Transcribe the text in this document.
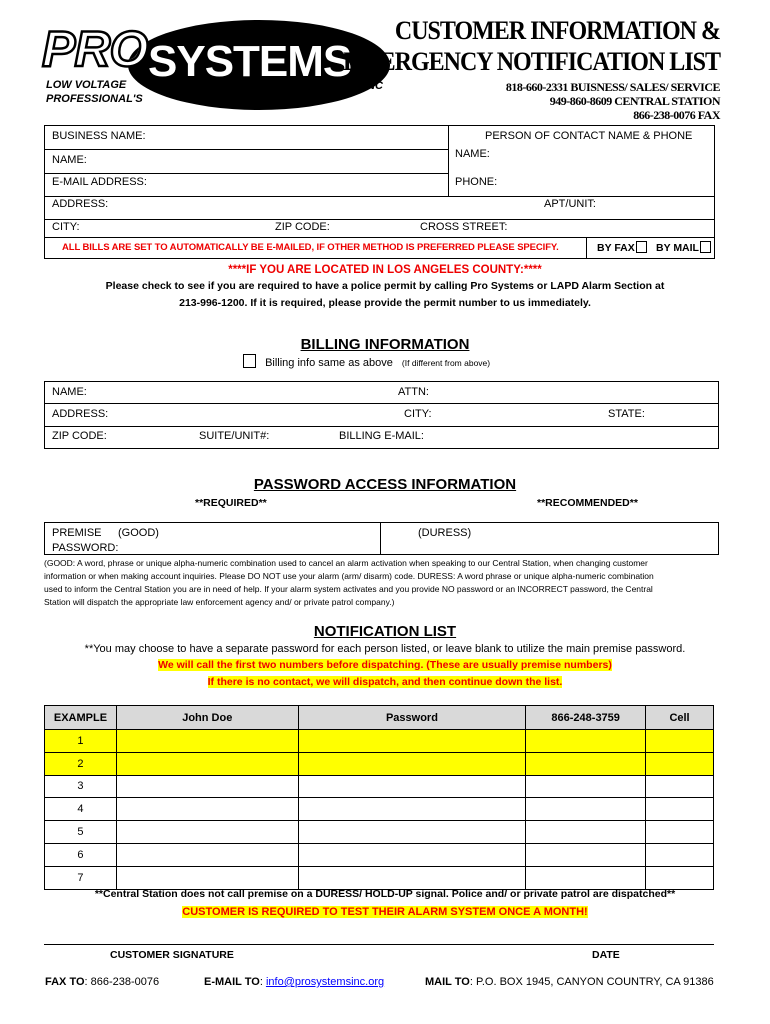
PRO SYSTEMS INC
LOW VOLTAGE
PROFESSIONAL'S
CUSTOMER INFORMATION &
EMERGENCY NOTIFICATION LIST
818-660-2331 BUISNESS/ SALES/ SERVICE
949-860-8609 CENTRAL STATION
866-238-0076 FAX
BUSINESS NAME:	PERSON OF CONTACT NAME & PHONE
NAME:	NAME:
E-MAIL ADDRESS:	PHONE:
ADDRESS:	APT/UNIT:
CITY:	ZIP CODE:	CROSS STREET:
ALL BILLS ARE SET TO AUTOMATICALLY BE E-MAILED, IF OTHER METHOD IS PREFERRED PLEASE SPECIFY.	BY FAX	BY MAIL
****IF YOU ARE LOCATED IN LOS ANGELES COUNTY:****
Please check to see if you are required to have a police permit by calling Pro Systems or LAPD Alarm Section at
213-996-1200. If it is required, please provide the permit number to us immediately.
BILLING INFORMATION
Billing info same as above (If different from above)
NAME:	ATTN:
ADDRESS:	CITY:	STATE:
ZIP CODE:	SUITE/UNIT#:	BILLING E-MAIL:
PASSWORD ACCESS INFORMATION
**REQUIRED**	**RECOMMENDED**
PREMISE	(GOOD)
PASSWORD:
(DURESS)
(GOOD: A word, phrase or unique alpha-numeric combination used to cancel an alarm activation when speaking to our Central Station, when changing customer
information or when making account inquiries. Please DO NOT use your alarm (arm/ disarm) code. DURESS: A word phrase or unique alpha-numeric combination
used to inform the Central Station you are in need of help. If your alarm system activates and you provide NO password or an INCORRECT password, the Central
Station will dispatch the appropriate law enforcement agency and/ or private patrol company.)
NOTIFICATION LIST
**You may choose to have a separate password for each person listed, or leave blank to utilize the main premise password.
We will call the first two numbers before dispatching. (These are usually premise numbers)
If there is no contact, we will dispatch, and then continue down the list.
EXAMPLE	John Doe	Password	866-248-3759	Cell
1				
2				
3				
4				
5				
6				
7				
**Central Station does not call premise on a DURESS/ HOLD-UP signal. Police and/ or private patrol are dispatched**
CUSTOMER IS REQUIRED TO TEST THEIR ALARM SYSTEM ONCE A MONTH!
CUSTOMER SIGNATURE	DATE
FAX TO: 866-238-0076	E-MAIL TO: info@prosystemsinc.org	MAIL TO: P.O. BOX 1945, CANYON COUNTRY, CA 91386
